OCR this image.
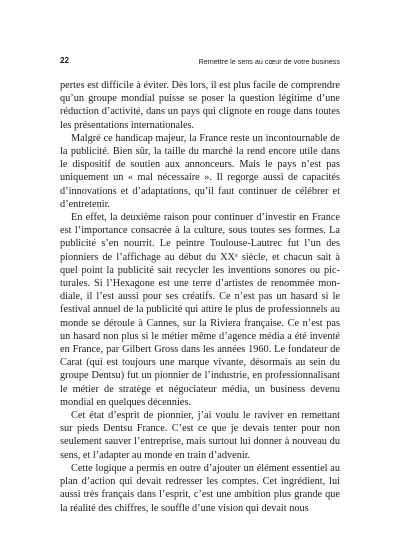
22	Remettre le sens au cœur de votre business

pertes est difficile à éviter. Dès lors, il est plus facile de comprendre qu’un groupe mondial puisse se poser la question légitime d’une réduction d’activité, dans un pays qui clignote en rouge dans toutes les présentations internationales.

Malgré ce handicap majeur, la France reste un incontournable de la publicité. Bien sûr, la taille du marché la rend encore utile dans le dispositif de soutien aux annonceurs. Mais le pays n’est pas uniquement un « mal nécessaire ». Il regorge aussi de capacités d’innovations et d’adaptations, qu’il faut continuer de célébrer et d’entretenir.

En effet, la deuxième raison pour continuer d’investir en France est l’importance consacrée à la culture, sous toutes ses formes. La publicité s’en nourrit. Le peintre Toulouse-Lautrec fut l’un des pionniers de l’affichage au début du XXᵉ siècle, et chacun sait à quel point la publicité sait recycler les inventions sonores ou picturales. Si l’Hexagone est une terre d’artistes de renommée mondiale, il l’est aussi pour ses créatifs. Ce n’est pas un hasard si le festival annuel de la publicité qui attire le plus de professionnels au monde se déroule à Cannes, sur la Riviera française. Ce n’est pas un hasard non plus si le métier même d’agence média a été inventé en France, par Gilbert Gross dans les années 1960. Le fondateur de Carat (qui est toujours une marque vivante, désormais au sein du groupe Dentsu) fut un pionnier de l’industrie, en professionnalisant le métier de stratège et négociateur média, un business devenu mondial en quelques décennies.

Cet état d’esprit de pionnier, j’ai voulu le raviver en remettant sur pieds Dentsu France. C’est ce que je devais tenter pour non seulement sauver l’entreprise, mais surtout lui donner à nouveau du sens, et l’adapter au monde en train d’advenir.

Cette logique a permis en outre d’ajouter un élément essentiel au plan d’action qui devait redresser les comptes. Cet ingrédient, lui aussi très français dans l’esprit, c’est une ambition plus grande que la réalité des chiffres, le souffle d’une vision qui devait nous
